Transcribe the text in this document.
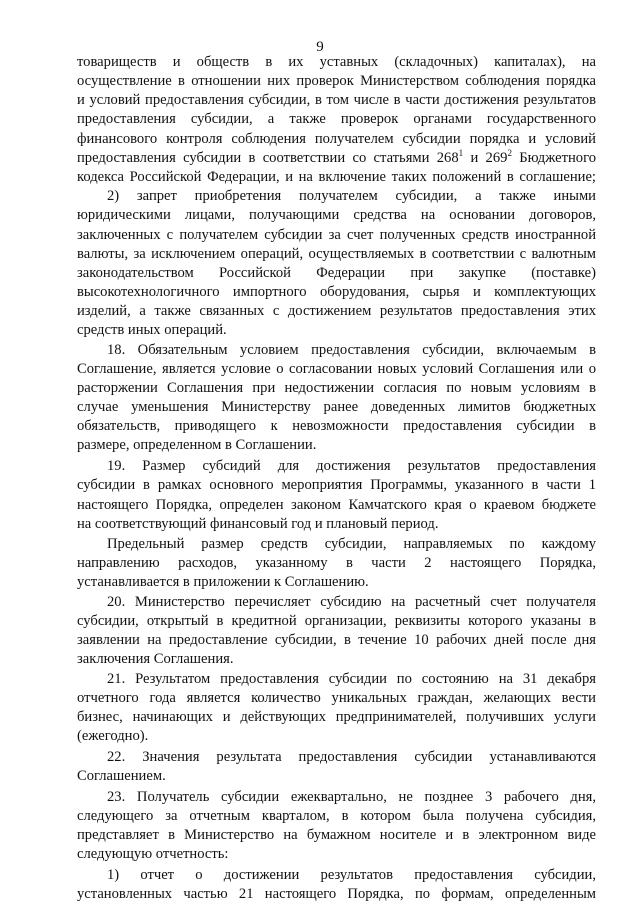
9
товариществ и обществ в их уставных (складочных) капиталах), на
осуществление в отношении них проверок Министерством соблюдения порядка
и условий предоставления субсидии, в том числе в части достижения результатов
предоставления субсидии, а также проверок органами государственного
финансового контроля соблюдения получателем субсидии порядка и условий
предоставления субсидии в соответствии со статьями $268^1$ и $269^2$ Бюджетного
кодекса Российской Федерации, и на включение таких положений в соглашение;
2) запрет приобретения получателем субсидии, а также иными
юридическими лицами, получающими средства на основании договоров,
заключенных с получателем субсидии за счет полученных средств иностранной
валюты, за исключением операций, осуществляемых в соответствии с валютным
законодательством Российской Федерации при закупке (поставке)
высокотехнологичного импортного оборудования, сырья и комплектующих
изделий, а также связанных с достижением результатов предоставления этих
средств иных операций.
18. Обязательным условием предоставления субсидии, включаемым в
Соглашение, является условие о согласовании новых условий Соглашения или о
расторжении Соглашения при недостижении согласия по новым условиям в
случае уменьшения Министерству ранее доведенных лимитов бюджетных
обязательств, приводящего к невозможности предоставления субсидии в
размере, определенном в Соглашении.
19. Размер субсидий для достижения результатов предоставления
субсидии в рамках основного мероприятия Программы, указанного в части 1
настоящего Порядка, определен законом Камчатского края о краевом бюджете
на соответствующий финансовый год и плановый период.
Предельный размер средств субсидии, направляемых по каждому
направлению расходов, указанному в части 2 настоящего Порядка,
устанавливается в приложении к Соглашению.
20. Министерство перечисляет субсидию на расчетный счет получателя
субсидии, открытый в кредитной организации, реквизиты которого указаны в
заявлении на предоставление субсидии, в течение 10 рабочих дней после дня
заключения Соглашения.
21. Результатом предоставления субсидии по состоянию на 31 декабря
отчетного года является количество уникальных граждан, желающих вести
бизнес, начинающих и действующих предпринимателей, получивших услуги
(ежегодно).
22. Значения результата предоставления субсидии устанавливаются
Соглашением.
23. Получатель субсидии ежеквартально, не позднее 3 рабочего дня,
следующего за отчетным кварталом, в котором была получена субсидия,
представляет в Министерство на бумажном носителе и в электронном виде
следующую отчетность:
1) отчет о достижении результатов предоставления субсидии,
установленных частью 21 настоящего Порядка, по формам, определенным
